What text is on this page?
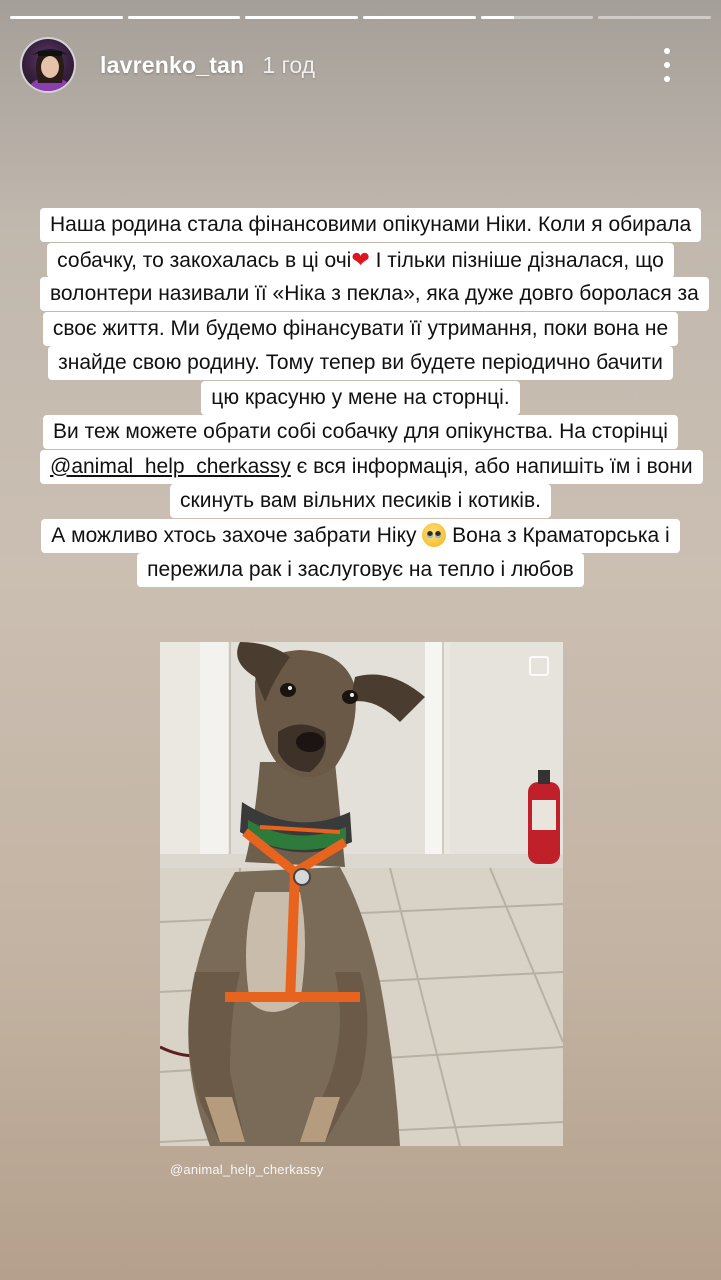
lavrenko_tan 1 год
Наша родина стала фінансовими опікунами Ніки. Коли я обирала
собачку, то закохалась в ці очі❤ І тільки пізніше дізналася, що
волонтери називали її «Ніка з пекла», яка дуже довго боролася за
своє життя. Ми будемо фінансувати її утримання, поки вона не
знайде свою родину. Тому тепер ви будете періодично бачити
цю красуню у мене на сторнці.
Ви теж можете обрати собі собачку для опікунства. На сторінці
@animal_help_cherkassy є вся інформація, або напишіть їм і вони
скинуть вам вільних песиків і котиків.
А можливо хтось захоче забрати Ніку  Вона з Краматорська і
пережила рак і заслуговує на тепло і любов
@animal_help_cherkassy
